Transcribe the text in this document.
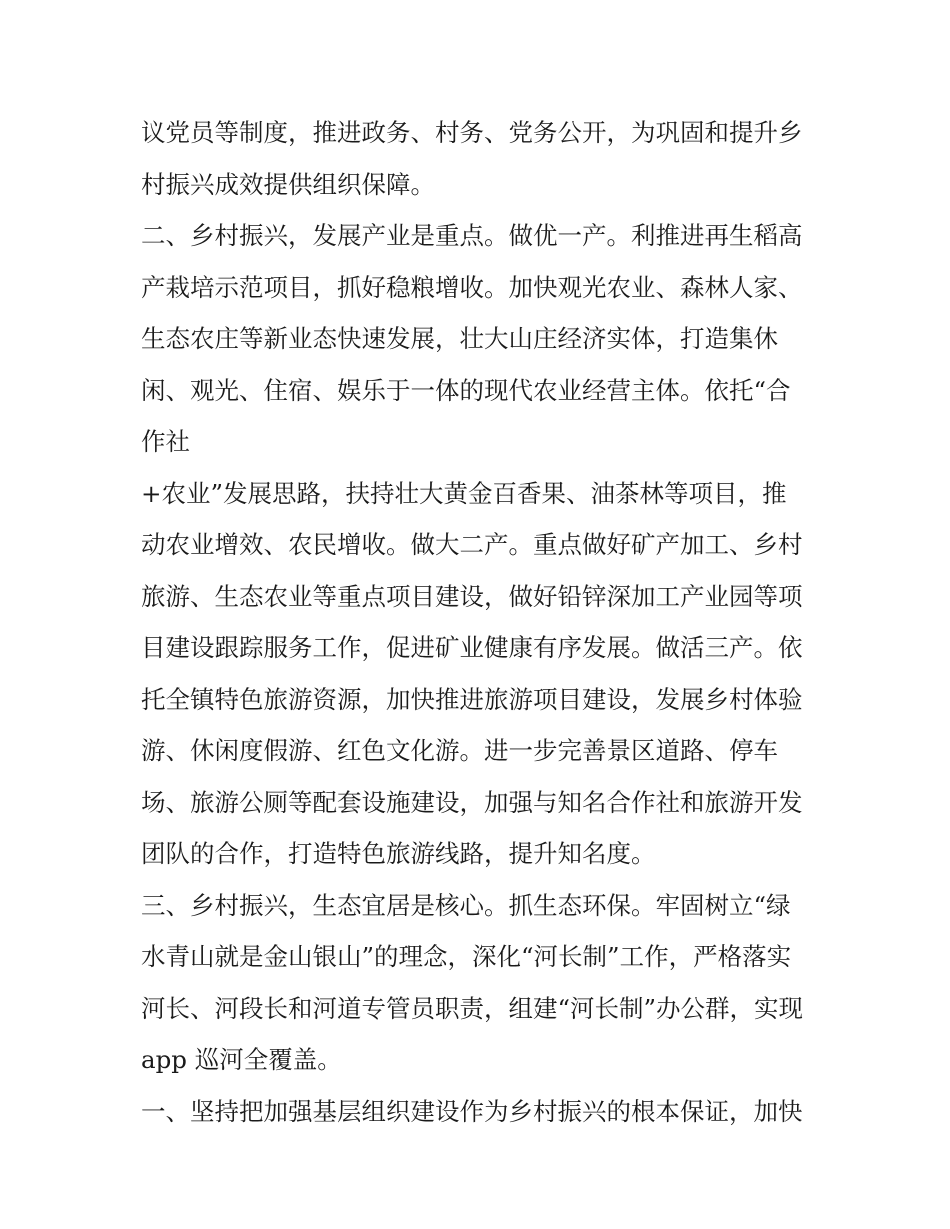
议党员等制度，推进政务、村务、党务公开，为巩固和提升乡
村振兴成效提供组织保障。
二、乡村振兴，发展产业是重点。做优一产。利推进再生稻高
产栽培示范项目，抓好稳粮增收。加快观光农业、森林人家、
生态农庄等新业态快速发展，壮大山庄经济实体，打造集休
闲、观光、住宿、娱乐于一体的现代农业经营主体。依托“合
作社
+农业”发展思路，扶持壮大黄金百香果、油茶林等项目，推
动农业增效、农民增收。做大二产。重点做好矿产加工、乡村
旅游、生态农业等重点项目建设，做好铅锌深加工产业园等项
目建设跟踪服务工作，促进矿业健康有序发展。做活三产。依
托全镇特色旅游资源，加快推进旅游项目建设，发展乡村体验
游、休闲度假游、红色文化游。进一步完善景区道路、停车
场、旅游公厕等配套设施建设，加强与知名合作社和旅游开发
团队的合作，打造特色旅游线路，提升知名度。
三、乡村振兴，生态宜居是核心。抓生态环保。牢固树立“绿
水青山就是金山银山”的理念，深化“河长制”工作，严格落实
河长、河段长和河道专管员职责，组建“河长制”办公群，实现
app 巡河全覆盖。
一、坚持把加强基层组织建设作为乡村振兴的根本保证，加快
